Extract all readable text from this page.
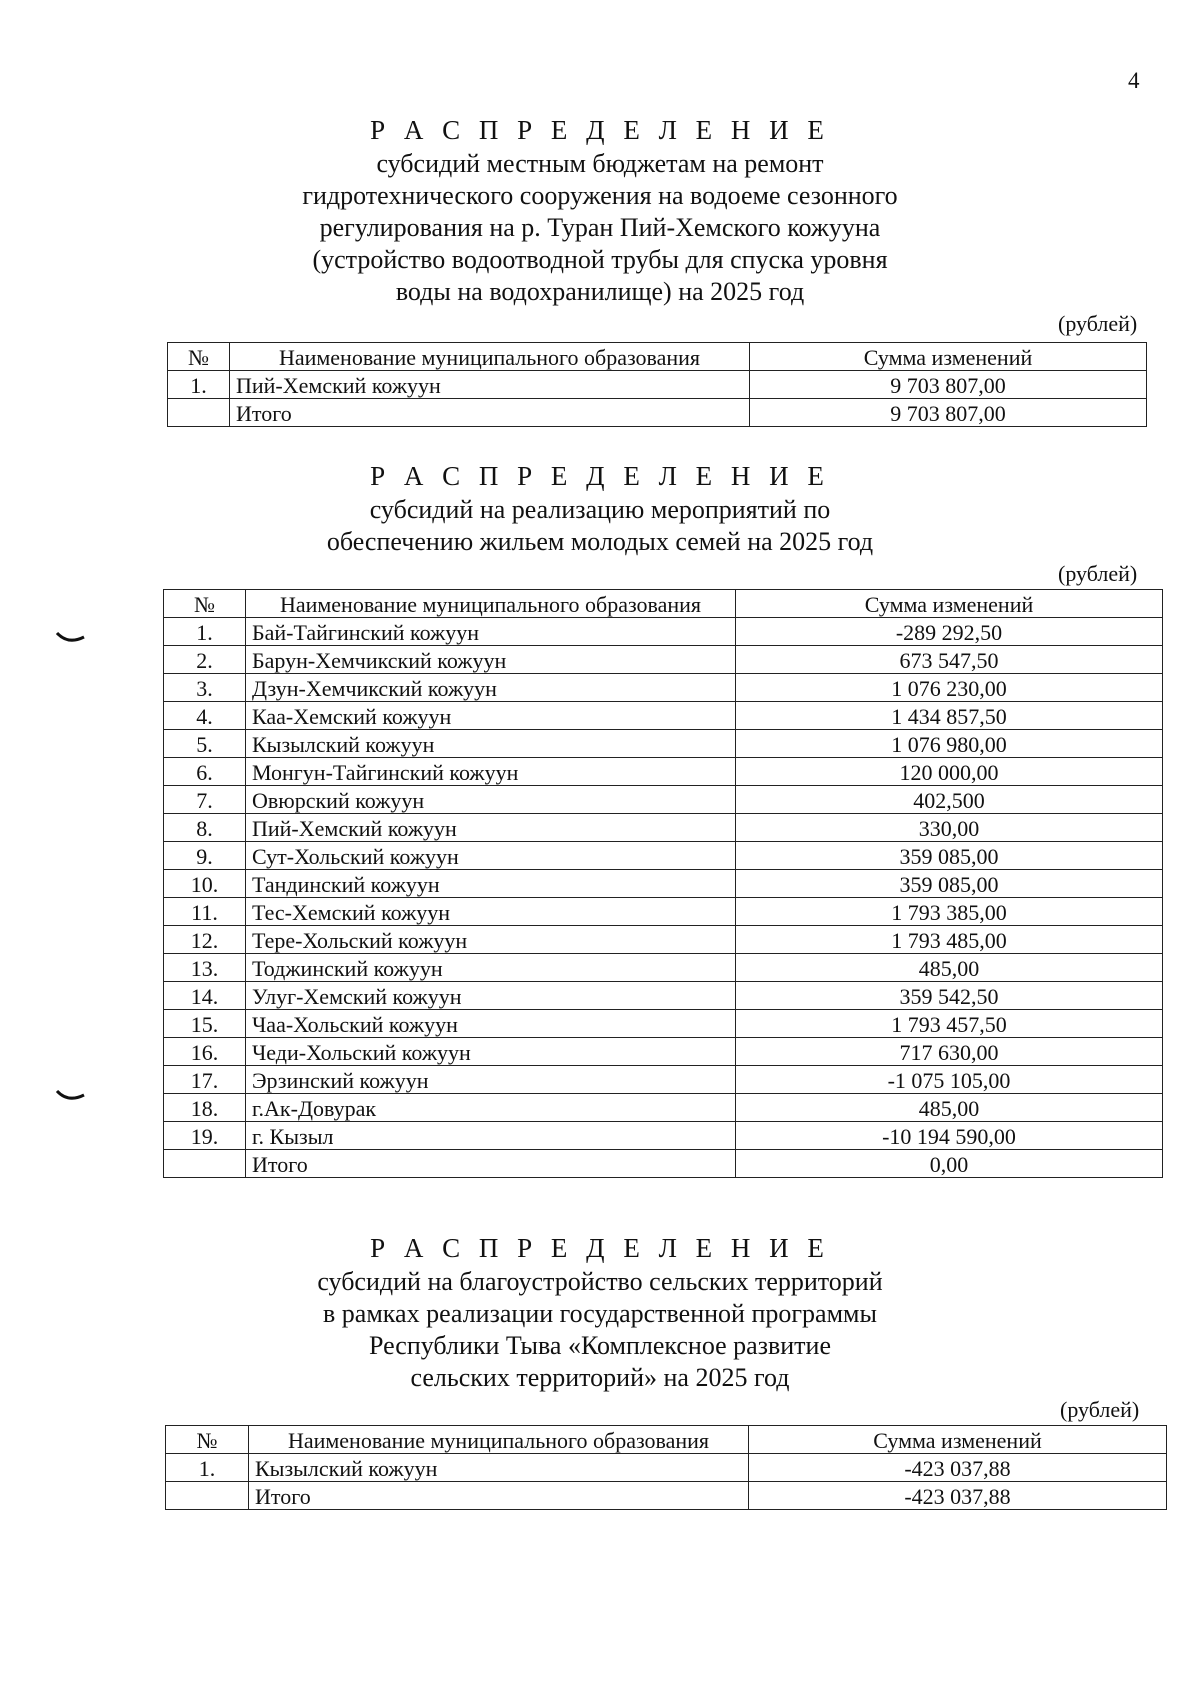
4
Р А С П Р Е Д Е Л Е Н И Е
субсидий местным бюджетам на ремонт
гидротехнического сооружения на водоеме сезонного
регулирования на р. Туран Пий-Хемского кожууна
(устройство водоотводной трубы для спуска уровня
воды на водохранилище) на 2025 год
(рублей)
№	Наименование муниципального образования	Сумма изменений
1.	Пий-Хемский кожуун	9 703 807,00
	Итого	9 703 807,00
Р А С П Р Е Д Е Л Е Н И Е
субсидий на реализацию мероприятий по
обеспечению жильем молодых семей на 2025 год
(рублей)
№	Наименование муниципального образования	Сумма изменений
1.	Бай-Тайгинский кожуун	-289 292,50
2.	Барун-Хемчикский кожуун	673 547,50
3.	Дзун-Хемчикский кожуун	1 076 230,00
4.	Каа-Хемский кожуун	1 434 857,50
5.	Кызылский кожуун	1 076 980,00
6.	Монгун-Тайгинский кожуун	120 000,00
7.	Овюрский кожуун	402,500
8.	Пий-Хемский кожуун	330,00
9.	Сут-Хольский кожуун	359 085,00
10.	Тандинский кожуун	359 085,00
11.	Тес-Хемский кожуун	1 793 385,00
12.	Тере-Хольский кожуун	1 793 485,00
13.	Тоджинский кожуун	485,00
14.	Улуг-Хемский кожуун	359 542,50
15.	Чаа-Хольский кожуун	1 793 457,50
16.	Чеди-Хольский кожуун	717 630,00
17.	Эрзинский кожуун	-1 075 105,00
18.	г.Ак-Довурак	485,00
19.	г. Кызыл	-10 194 590,00
	Итого	0,00
Р А С П Р Е Д Е Л Е Н И Е
субсидий на благоустройство сельских территорий
в рамках реализации государственной программы
Республики Тыва «Комплексное развитие
сельских территорий» на 2025 год
(рублей)
№	Наименование муниципального образования	Сумма изменений
1.	Кызылский кожуун	-423 037,88
	Итого	-423 037,88
